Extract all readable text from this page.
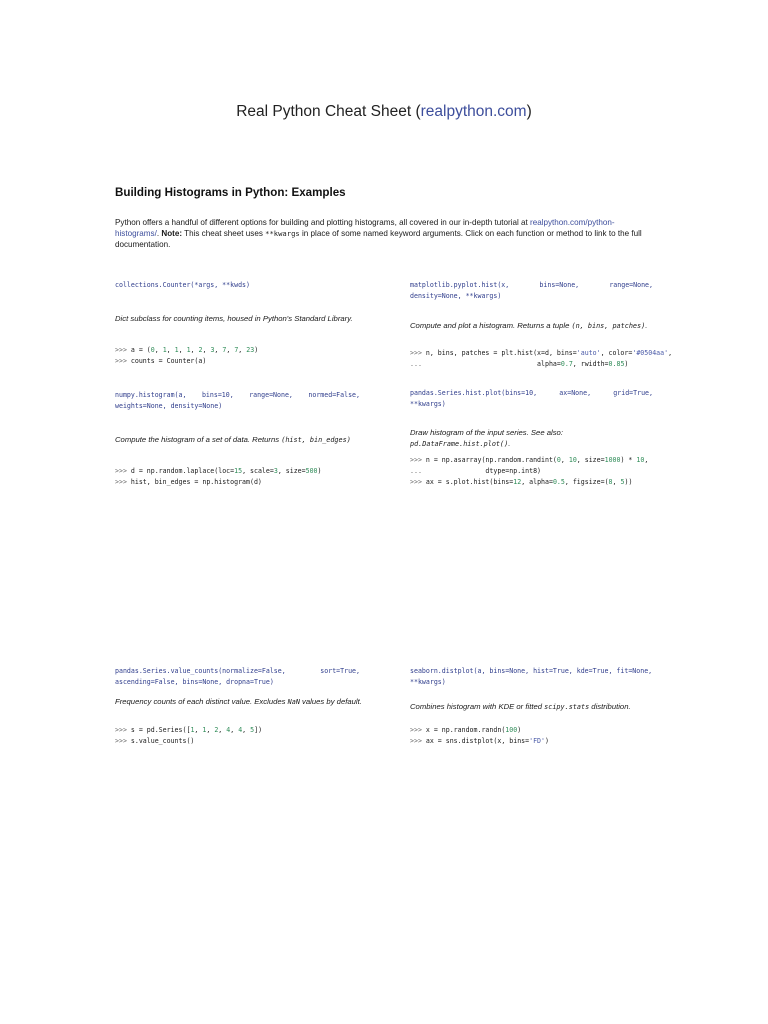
Real Python Cheat Sheet (realpython.com)
Building Histograms in Python: Examples
Python offers a handful of different options for building and plotting histograms, all covered in our in-depth tutorial at realpython.com/python-histograms/. Note: This cheat sheet uses **kwargs in place of some named keyword arguments. Click on each function or method to link to the full documentation.
collections.Counter(*args, **kwds)
Dict subclass for counting items, housed in Python's Standard Library.
>>> a = (0, 1, 1, 1, 2, 3, 7, 7, 23)
>>> counts = Counter(a)
numpy.histogram(a, bins=10, range=None, normed=False, weights=None, density=None)
Compute the histogram of a set of data. Returns (hist, bin_edges)
>>> d = np.random.laplace(loc=15, scale=3, size=500)
>>> hist, bin_edges = np.histogram(d)
pandas.Series.value_counts(normalize=False, sort=True, ascending=False, bins=None, dropna=True)
Frequency counts of each distinct value. Excludes NaN values by default.
>>> s = pd.Series([1, 1, 2, 4, 4, 5])
>>> s.value_counts()
matplotlib.pyplot.hist(x, bins=None, range=None, density=None, **kwargs)
Compute and plot a histogram. Returns a tuple (n, bins, patches).
>>> n, bins, patches = plt.hist(x=d, bins='auto', color='#0504aa',
...                             alpha=0.7, rwidth=0.85)
pandas.Series.hist.plot(bins=10, ax=None, grid=True, **kwargs)
Draw histogram of the input series. See also: pd.DataFrame.hist.plot().
>>> n = np.asarray(np.random.randint(0, 10, size=1000) * 10,
...                dtype=np.int8)
>>> ax = s.plot.hist(bins=12, alpha=0.5, figsize=(8, 5))
seaborn.distplot(a, bins=None, hist=True, kde=True, fit=None, **kwargs)
Combines histogram with KDE or fitted scipy.stats distribution.
>>> x = np.random.randn(100)
>>> ax = sns.distplot(x, bins='FD')
